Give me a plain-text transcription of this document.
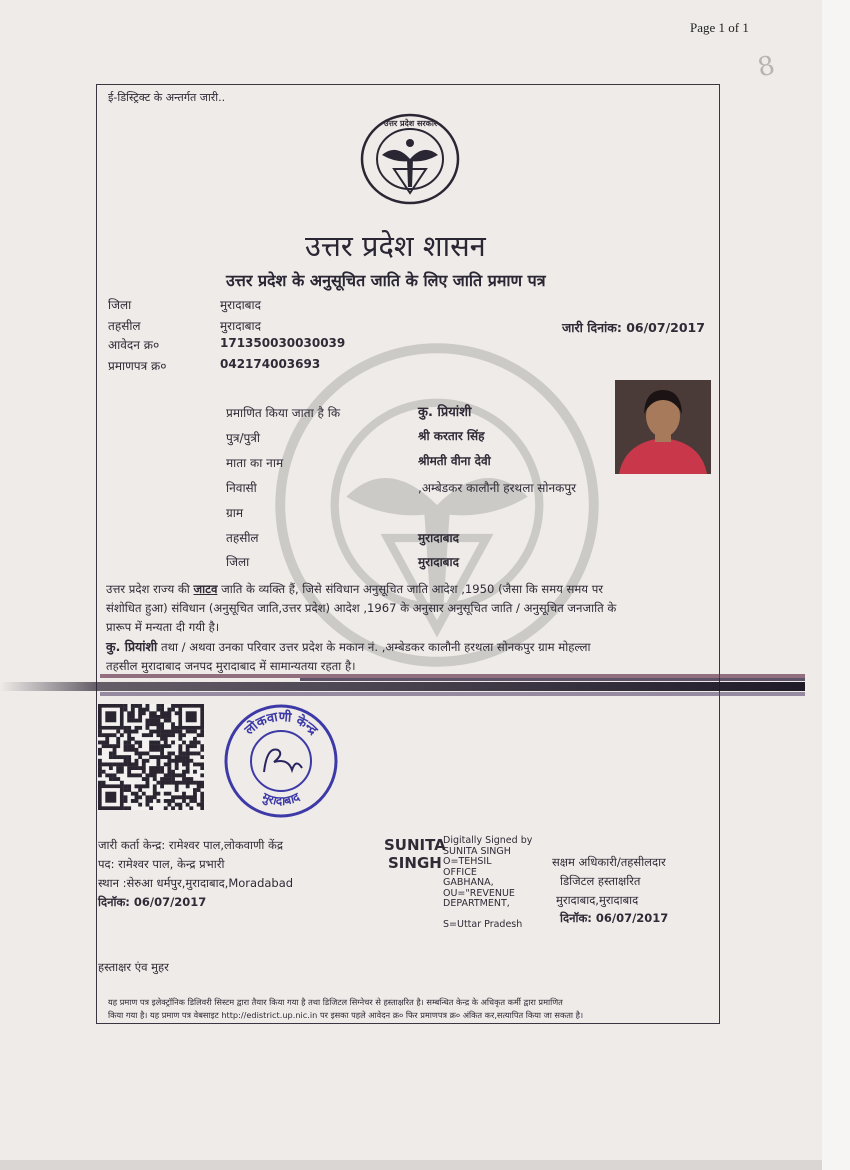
Page 1 of 1
8
ई-डिस्ट्रिक्ट के अन्तर्गत जारी..
उत्तर प्रदेश सरकार
उत्तर प्रदेश शासन
उत्तर प्रदेश के अनुसूचित जाति के लिए जाति प्रमाण पत्र
जिला	मुरादाबाद
तहसील	मुरादाबाद
आवेदन क्र०	171350030030039
प्रमाणपत्र क्र०	042174003693
जारी दिनांक: 06/07/2017
प्रमाणित किया जाता है कि	कु. प्रियांशी
पुत्र/पुत्री	श्री करतार सिंह
माता का नाम	श्रीमती वीना देवी
निवासी	,अम्बेडकर कालौनी हरथला सोनकपुर
ग्राम
तहसील	मुरादाबाद
जिला	मुरादाबाद
उत्तर प्रदेश राज्य की जाटव जाति के व्यक्ति हैं, जिसे संविधान अनुसूचित जाति आदेश ,1950 (जैसा कि समय समय पर
संशोधित हुआ) संविधान (अनुसूचित जाति,उत्तर प्रदेश) आदेश ,1967 के अनुसार अनुसूचित जाति / अनुसूचित जनजाति के
प्रारूप में मन्यता दी गयी है।
कु. प्रियांशी तथा / अथवा उनका परिवार उत्तर प्रदेश के मकान नं. ,अम्बेडकर कालौनी हरथला सोनकपुर ग्राम मोहल्ला
तहसील मुरादाबाद जनपद मुरादाबाद में सामान्यतया रहता है।
लोकवाणी केन्द्र
मुरादाबाद
जारी कर्ता केन्द्र: रामेश्वर पाल,लोकवाणी केंद्र
पद: रामेश्वर पाल, केन्द्र प्रभारी
स्थान :सेरुआ धर्मपुर,मुरादाबाद,Moradabad
दिनॉक: 06/07/2017
SUNITA
SINGH
Digitally Signed by
SUNITA SINGH
O=TEHSIL
OFFICE
GABHANA,
OU="REVENUE
DEPARTMENT,
S=Uttar Pradesh
सक्षम अधिकारी/तहसीलदार
डिजिटल हस्ताक्षरित
मुरादाबाद,मुरादाबाद
दिनॉक: 06/07/2017
हस्ताक्षर एंव मुहर
यह प्रमाण पत्र इलेक्ट्रॉनिक डिलिवरी सिस्टम द्वारा तैयार किया गया है तथा डिजिटल सिग्नेचर से हस्ताक्षरित है। सम्बन्धित केन्द्र के अधिकृत कर्मी द्वारा प्रमाणित
किया गया है। यह प्रमाण पत्र वेबसाइट http://edistrict.up.nic.in पर इसका पहले आवेदन क्र० फिर प्रमाणपत्र क्र० अंकित कर,सत्यापित किया जा सकता है।
